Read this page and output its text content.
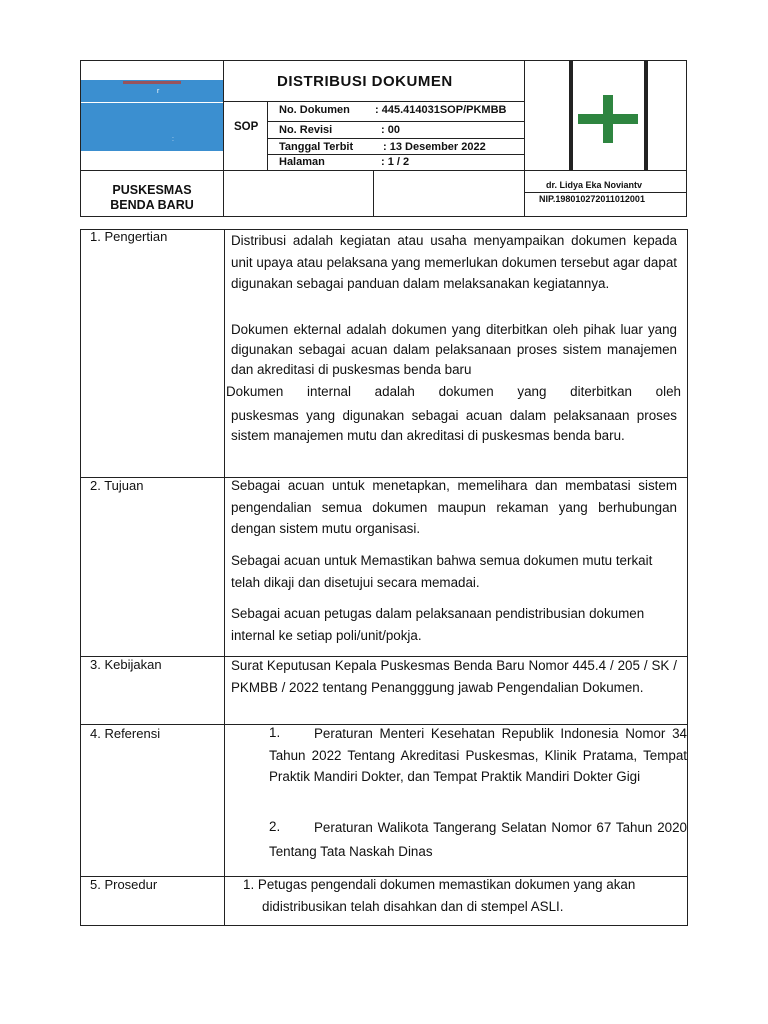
r
:
DISTRIBUSI DOKUMEN
SOP
No. Dokumen : 445.414031SOP/PKMBB
No. Revisi	: 00
Tanggal Terbit	: 13 Desember 2022
Halaman	: 1 / 2
PUSKESMAS
BENDA BARU
dr. Lidya Eka Noviantv
NIP.198010272011012001
1. Pengertian	Distribusi adalah kegiatan atau usaha menyampaikan dokumen kepada unit upaya atau pelaksana yang memerlukan dokumen tersebut agar dapat digunakan sebagai panduan dalam melaksanakan kegiatannya.
Dokumen ekternal adalah dokumen yang diterbitkan oleh pihak luar yang digunakan sebagai acuan dalam pelaksanaan proses sistem manajemen dan akreditasi di puskesmas benda baru
Dokumen internal adalah dokumen yang diterbitkan oleh
puskesmas yang digunakan sebagai acuan dalam pelaksanaan proses sistem manajemen mutu dan akreditasi di puskesmas benda baru.
2. Tujuan	Sebagai acuan untuk menetapkan, memelihara dan membatasi sistem pengendalian semua dokumen maupun rekaman yang berhubungan dengan sistem mutu organisasi.
Sebagai acuan untuk Memastikan bahwa semua dokumen mutu terkait telah dikaji dan disetujui secara memadai.
Sebagai acuan petugas dalam pelaksanaan pendistribusian dokumen internal ke setiap poli/unit/pokja.
3. Kebijakan	Surat Keputusan Kepala Puskesmas Benda Baru Nomor 445.4 / 205 / SK / PKMBB / 2022 tentang Penangggung jawab Pengendalian Dokumen.
4. Referensi	1.	Peraturan Menteri Kesehatan Republik Indonesia Nomor 34 Tahun 2022 Tentang Akreditasi Puskesmas, Klinik Pratama, Tempat Praktik Mandiri Dokter, dan Tempat Praktik Mandiri Dokter Gigi
2.	Peraturan Walikota Tangerang Selatan Nomor 67 Tahun 2020 Tentang Tata Naskah Dinas
5. Prosedur	1. Petugas pengendali dokumen memastikan dokumen yang akan
didistribusikan telah disahkan dan di stempel ASLI.
